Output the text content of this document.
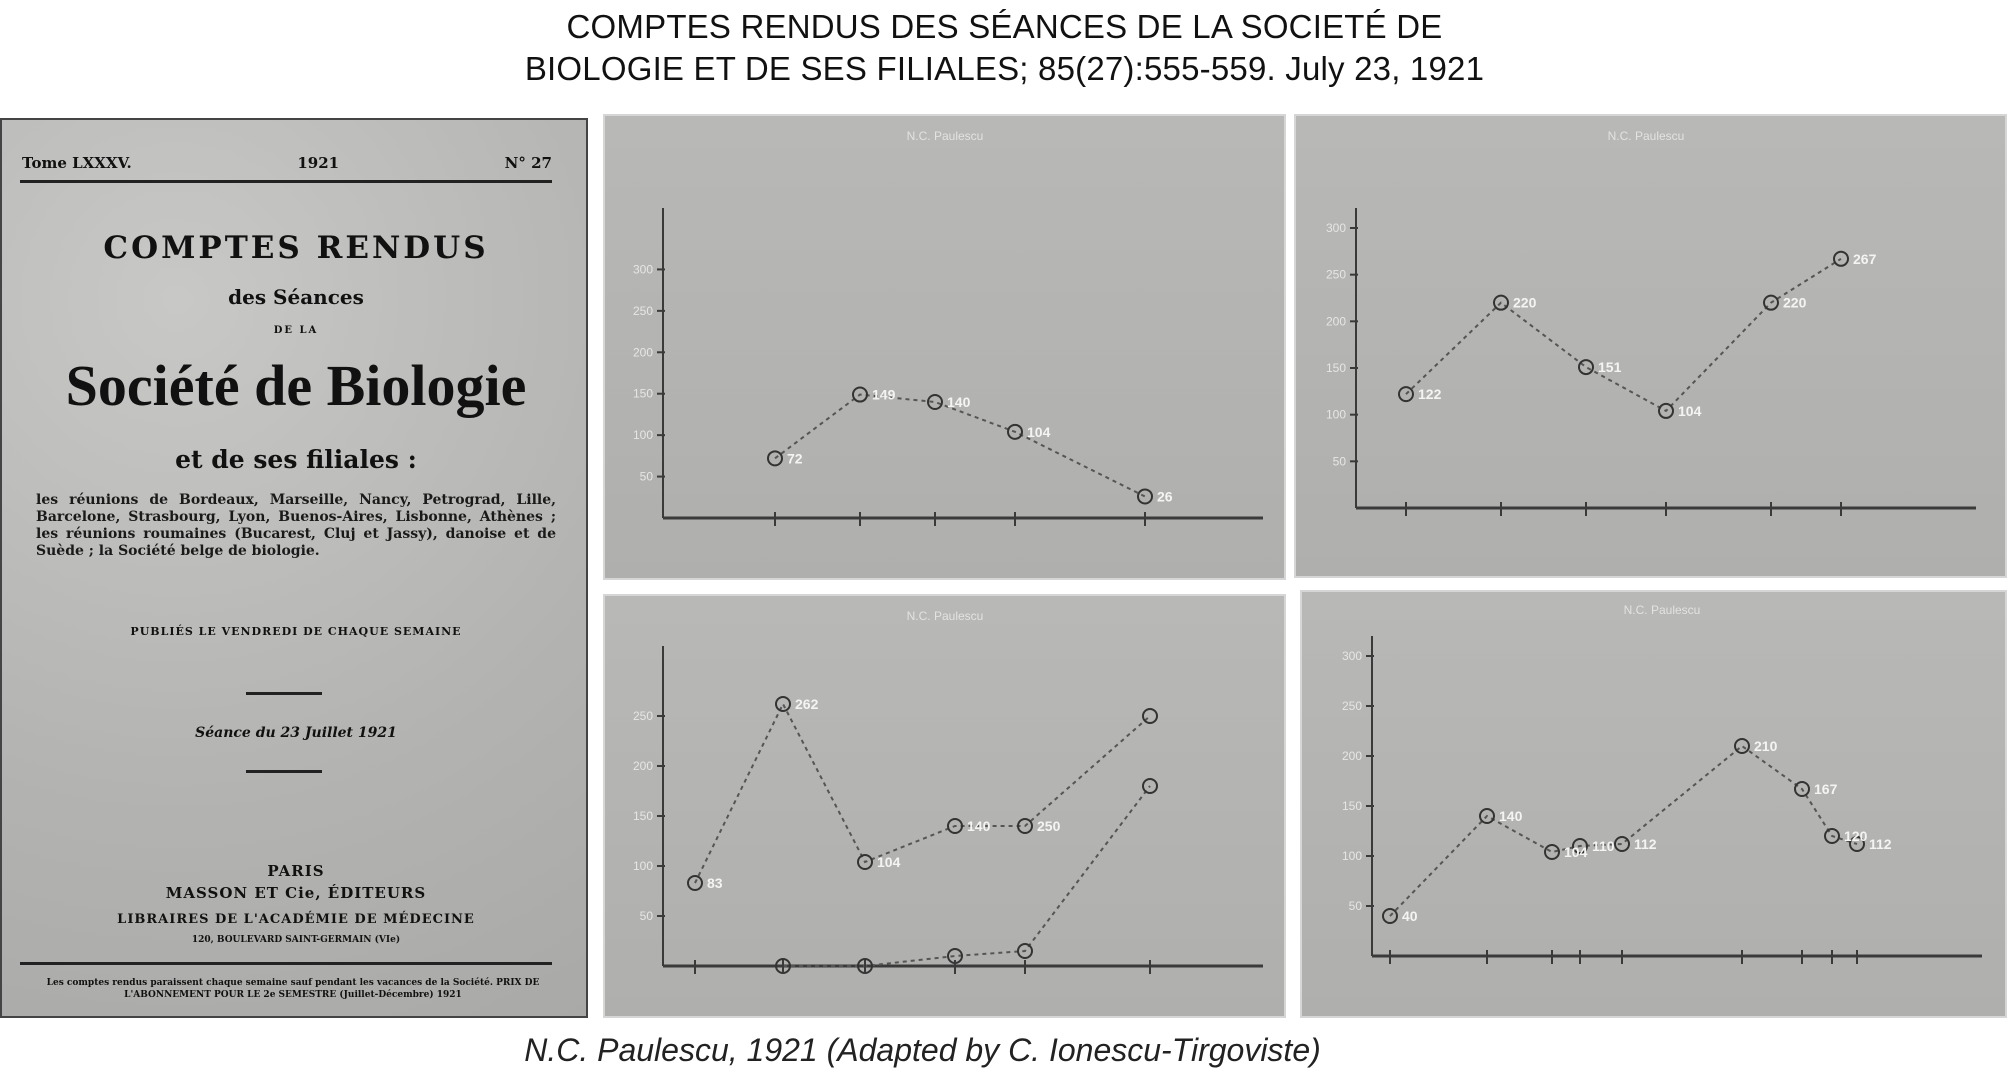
COMPTES RENDUS DES SÉANCES DE LA SOCIETÉ DE
BIOLOGIE ET DE SES FILIALES; 85(27):555-559. July 23, 1921
Tome LXXXV.	1921	N° 27
COMPTES RENDUS
des Séances
DE LA
Société de Biologie
et de ses filiales :
les réunions de Bordeaux, Marseille, Nancy, Petrograd, Lille, Barcelone, Strasbourg, Lyon, Buenos-Aires, Lisbonne, Athènes ; les réunions roumaines (Bucarest, Cluj et Jassy), danoise et de Suède ; la Société belge de biologie.
PUBLIÉS LE VENDREDI DE CHAQUE SEMAINE
Séance du 23 Juillet 1921
PARIS
MASSON ET Cie, ÉDITEURS
LIBRAIRES DE L'ACADÉMIE DE MÉDECINE
120, BOULEVARD SAINT-GERMAIN (VIe)
Les comptes rendus paraissent chaque semaine sauf pendant les vacances de la Société. PRIX DE L'ABONNEMENT POUR LE 2e SEMESTRE (Juillet-Décembre) 1921
N.C. Paulescu
50
100
150
200
250
300
72
149	140
104
26
N.C. Paulescu
50
100
150
200
250
300
122
220
151
104
220
267
N.C. Paulescu
50
100
150
200
250
83
262
104
140	250
N.C. Paulescu
50
100
150
200
250
300
40
140
104 110 112
210
167
120 112
N.C. Paulescu, 1921 (Adapted by C. Ionescu-Tirgoviste)
